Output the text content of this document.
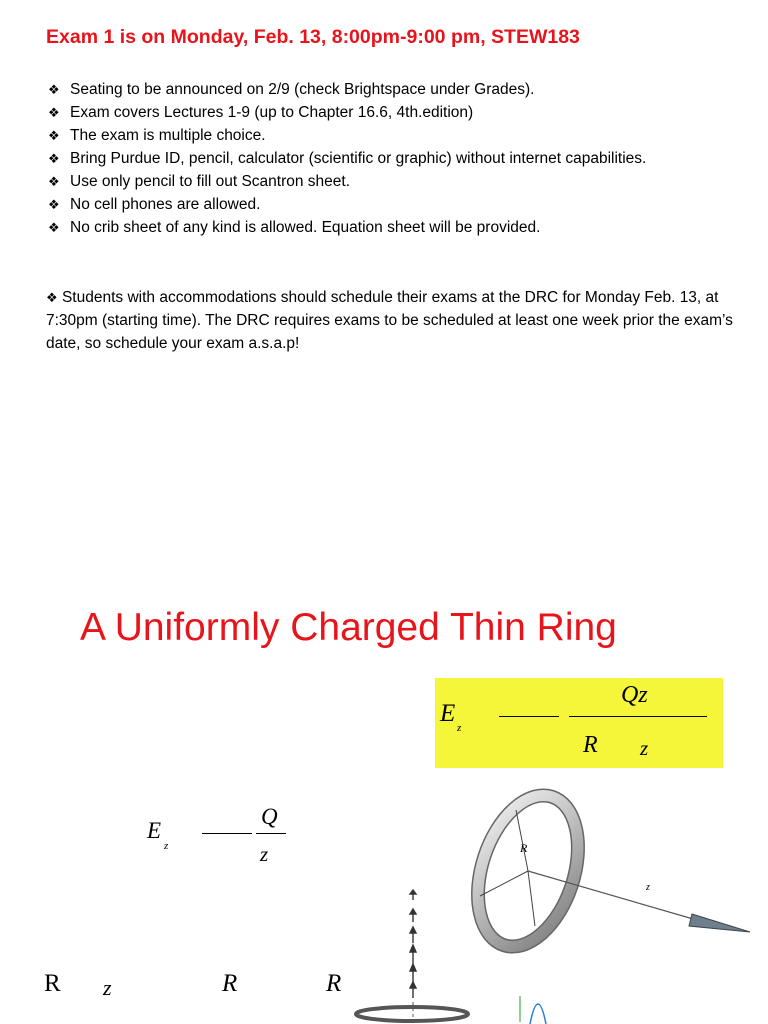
Exam 1 is on Monday, Feb. 13, 8:00pm-9:00 pm, STEW183
❖ Seating to be announced on 2/9 (check Brightspace under Grades).
❖ Exam covers Lectures 1-9 (up to Chapter 16.6, 4th.edition)
❖ The exam is multiple choice.
❖ Bring Purdue ID, pencil, calculator (scientific or graphic) without internet capabilities.
❖ Use only pencil to fill out Scantron sheet.
❖ No cell phones are allowed.
❖ No crib sheet of any kind is allowed. Equation sheet will be provided.
❖ Students with accommodations should schedule their exams at the DRC for Monday Feb. 13, at 7:30pm (starting time). The DRC requires exams to be scheduled at least one week prior the exam’s date, so schedule your exam a.s.a.p!
A Uniformly Charged Thin Ring
E
z
Qz
R z
E
z
Q
z
R z	R	R
R
z
